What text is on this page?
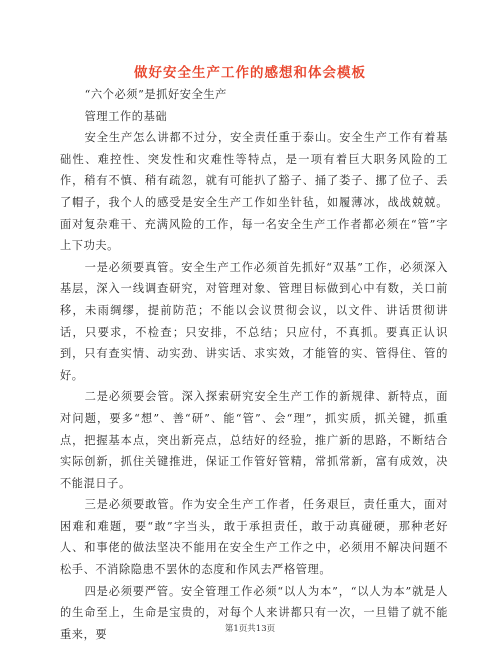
做好安全生产工作的感想和体会模板

“六个必须”是抓好安全生产

管理工作的基础

安全生产怎么讲都不过分，安全责任重于泰山。安全生产工作有着基础性、难控性、突发性和灾难性等特点，是一项有着巨大职务风险的工作，稍有不慎、稍有疏忽，就有可能扒了豁子、捅了娄子、挪了位子、丢了帽子，我个人的感受是安全生产工作如坐针毡，如履薄冰，战战兢兢。面对复杂难干、充满风险的工作，每一名安全生产工作者都必须在“管”字上下功夫。

一是必须要真管。安全生产工作必须首先抓好“双基”工作，必须深入基层，深入一线调查研究，对管理对象、管理目标做到心中有数，关口前移，未雨绸缪，提前防范；不能以会议贯彻会议，以文件、讲话贯彻讲话，只要求，不检查；只安排，不总结；只应付，不真抓。要真正认识到，只有查实情、动实劲、讲实话、求实效，才能管的实、管得住、管的好。

二是必须要会管。深入探索研究安全生产工作的新规律、新特点，面对问题，要多“想”、善“研”、能“管”、会“理”，抓实质，抓关键，抓重点，把握基本点，突出新亮点，总结好的经验，推广新的思路，不断结合实际创新，抓住关键推进，保证工作管好管精，常抓常新，富有成效，决不能混日子。

三是必须要敢管。作为安全生产工作者，任务艰巨，责任重大，面对困难和难题，要“敢”字当头，敢于承担责任，敢于动真碰硬，那种老好人、和事佬的做法坚决不能用在安全生产工作之中，必须用不解决问题不松手、不消除隐患不罢休的态度和作风去严格管理。

四是必须要严管。安全管理工作必须“以人为本”，“以人为本”就是人的生命至上，生命是宝贵的，对每个人来讲都只有一次，一旦错了就不能重来，要	第1页共13页
